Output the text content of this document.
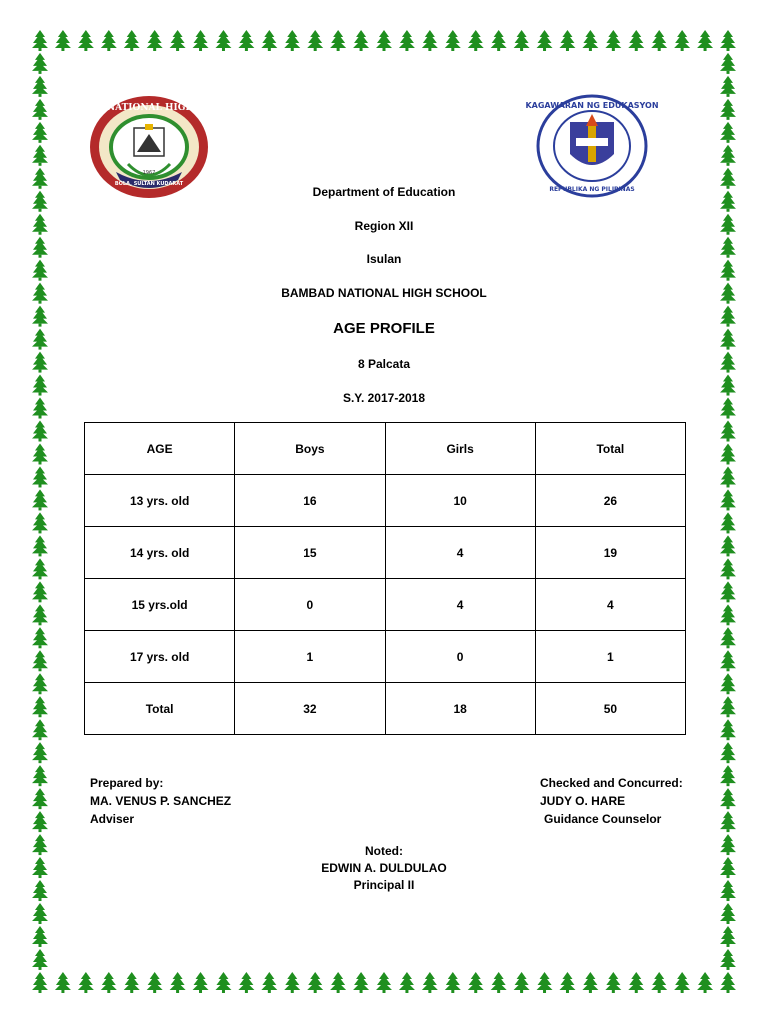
BAMBAD NATIONAL HIGH SCHOOL
BOLA, SULTAN KUDARAT
1967
KAGAWARAN NG EDUKASYON
REPUBLIKA NG PILIPINAS
Department of Education
Region XII
Isulan
BAMBAD NATIONAL HIGH SCHOOL
AGE PROFILE
8 Palcata
S.Y. 2017-2018
AGE	Boys	Girls	Total
13 yrs. old	16	10	26
14 yrs. old	15	4	19
15 yrs.old	0	4	4
17 yrs. old	1	0	1
Total	32	18	50
Prepared by:
MA. VENUS P. SANCHEZ
Adviser
Checked and Concurred:
JUDY O. HARE
Guidance Counselor
Noted:
EDWIN A. DULDULAO
Principal II
